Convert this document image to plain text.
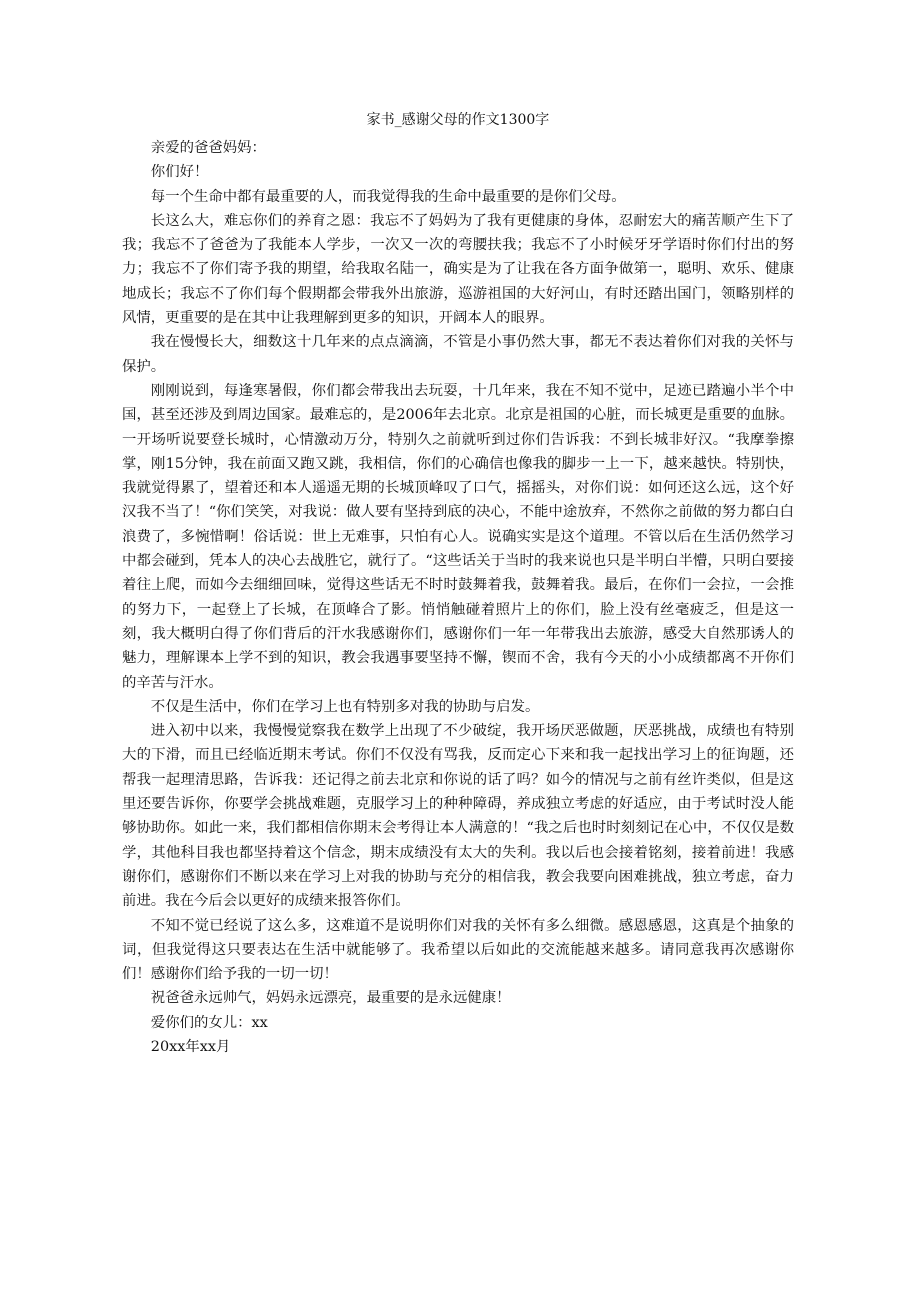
家书_感谢父母的作文1300字

亲爱的爸爸妈妈：

你们好！

每一个生命中都有最重要的人，而我觉得我的生命中最重要的是你们父母。

长这么大，难忘你们的养育之恩：我忘不了妈妈为了我有更健康的身体，忍耐宏大的痛苦顺产生下了我；我忘不了爸爸为了我能本人学步，一次又一次的弯腰扶我；我忘不了小时候牙牙学语时你们付出的努力；我忘不了你们寄予我的期望，给我取名陆一，确实是为了让我在各方面争做第一，聪明、欢乐、健康地成长；我忘不了你们每个假期都会带我外出旅游，巡游祖国的大好河山，有时还踏出国门，领略别样的风情，更重要的是在其中让我理解到更多的知识，开阔本人的眼界。

我在慢慢长大，细数这十几年来的点点滴滴，不管是小事仍然大事，都无不表达着你们对我的关怀与保护。

刚刚说到，每逢寒暑假，你们都会带我出去玩耍，十几年来，我在不知不觉中，足迹已踏遍小半个中国，甚至还涉及到周边国家。最难忘的，是2006年去北京。北京是祖国的心脏，而长城更是重要的血脉。一开场听说要登长城时，心情激动万分，特别久之前就听到过你们告诉我：不到长城非好汉。“我摩拳擦掌，刚15分钟，我在前面又跑又跳，我相信，你们的心确信也像我的脚步一上一下，越来越快。特别快，我就觉得累了，望着还和本人遥遥无期的长城顶峰叹了口气，摇摇头，对你们说：如何还这么远，这个好汉我不当了！“你们笑笑，对我说：做人要有坚持到底的决心，不能中途放弃，不然你之前做的努力都白白浪费了，多惋惜啊！俗话说：世上无难事，只怕有心人。说确实实是这个道理。不管以后在生活仍然学习中都会碰到，凭本人的决心去战胜它，就行了。“这些话关于当时的我来说也只是半明白半懵，只明白要接着往上爬，而如今去细细回味，觉得这些话无不时时鼓舞着我，鼓舞着我。最后，在你们一会拉，一会推的努力下，一起登上了长城，在顶峰合了影。悄悄触碰着照片上的你们，脸上没有丝毫疲乏，但是这一刻，我大概明白得了你们背后的汗水我感谢你们，感谢你们一年一年带我出去旅游，感受大自然那诱人的魅力，理解课本上学不到的知识，教会我遇事要坚持不懈，锲而不舍，我有今天的小小成绩都离不开你们的辛苦与汗水。

不仅是生活中，你们在学习上也有特别多对我的协助与启发。

进入初中以来，我慢慢觉察我在数学上出现了不少破绽，我开场厌恶做题，厌恶挑战，成绩也有特别大的下滑，而且已经临近期末考试。你们不仅没有骂我，反而定心下来和我一起找出学习上的征询题，还帮我一起理清思路，告诉我：还记得之前去北京和你说的话了吗？如今的情况与之前有丝许类似，但是这里还要告诉你，你要学会挑战难题，克服学习上的种种障碍，养成独立考虑的好适应，由于考试时没人能够协助你。如此一来，我们都相信你期末会考得让本人满意的！“我之后也时时刻刻记在心中，不仅仅是数学，其他科目我也都坚持着这个信念，期末成绩没有太大的失利。我以后也会接着铭刻，接着前进！我感谢你们，感谢你们不断以来在学习上对我的协助与充分的相信我，教会我要向困难挑战，独立考虑，奋力前进。我在今后会以更好的成绩来报答你们。

不知不觉已经说了这么多，这难道不是说明你们对我的关怀有多么细微。感恩感恩，这真是个抽象的词，但我觉得这只要表达在生活中就能够了。我希望以后如此的交流能越来越多。请同意我再次感谢你们！感谢你们给予我的一切一切！

祝爸爸永远帅气，妈妈永远漂亮，最重要的是永远健康！

爱你们的女儿：xx

20xx年xx月
